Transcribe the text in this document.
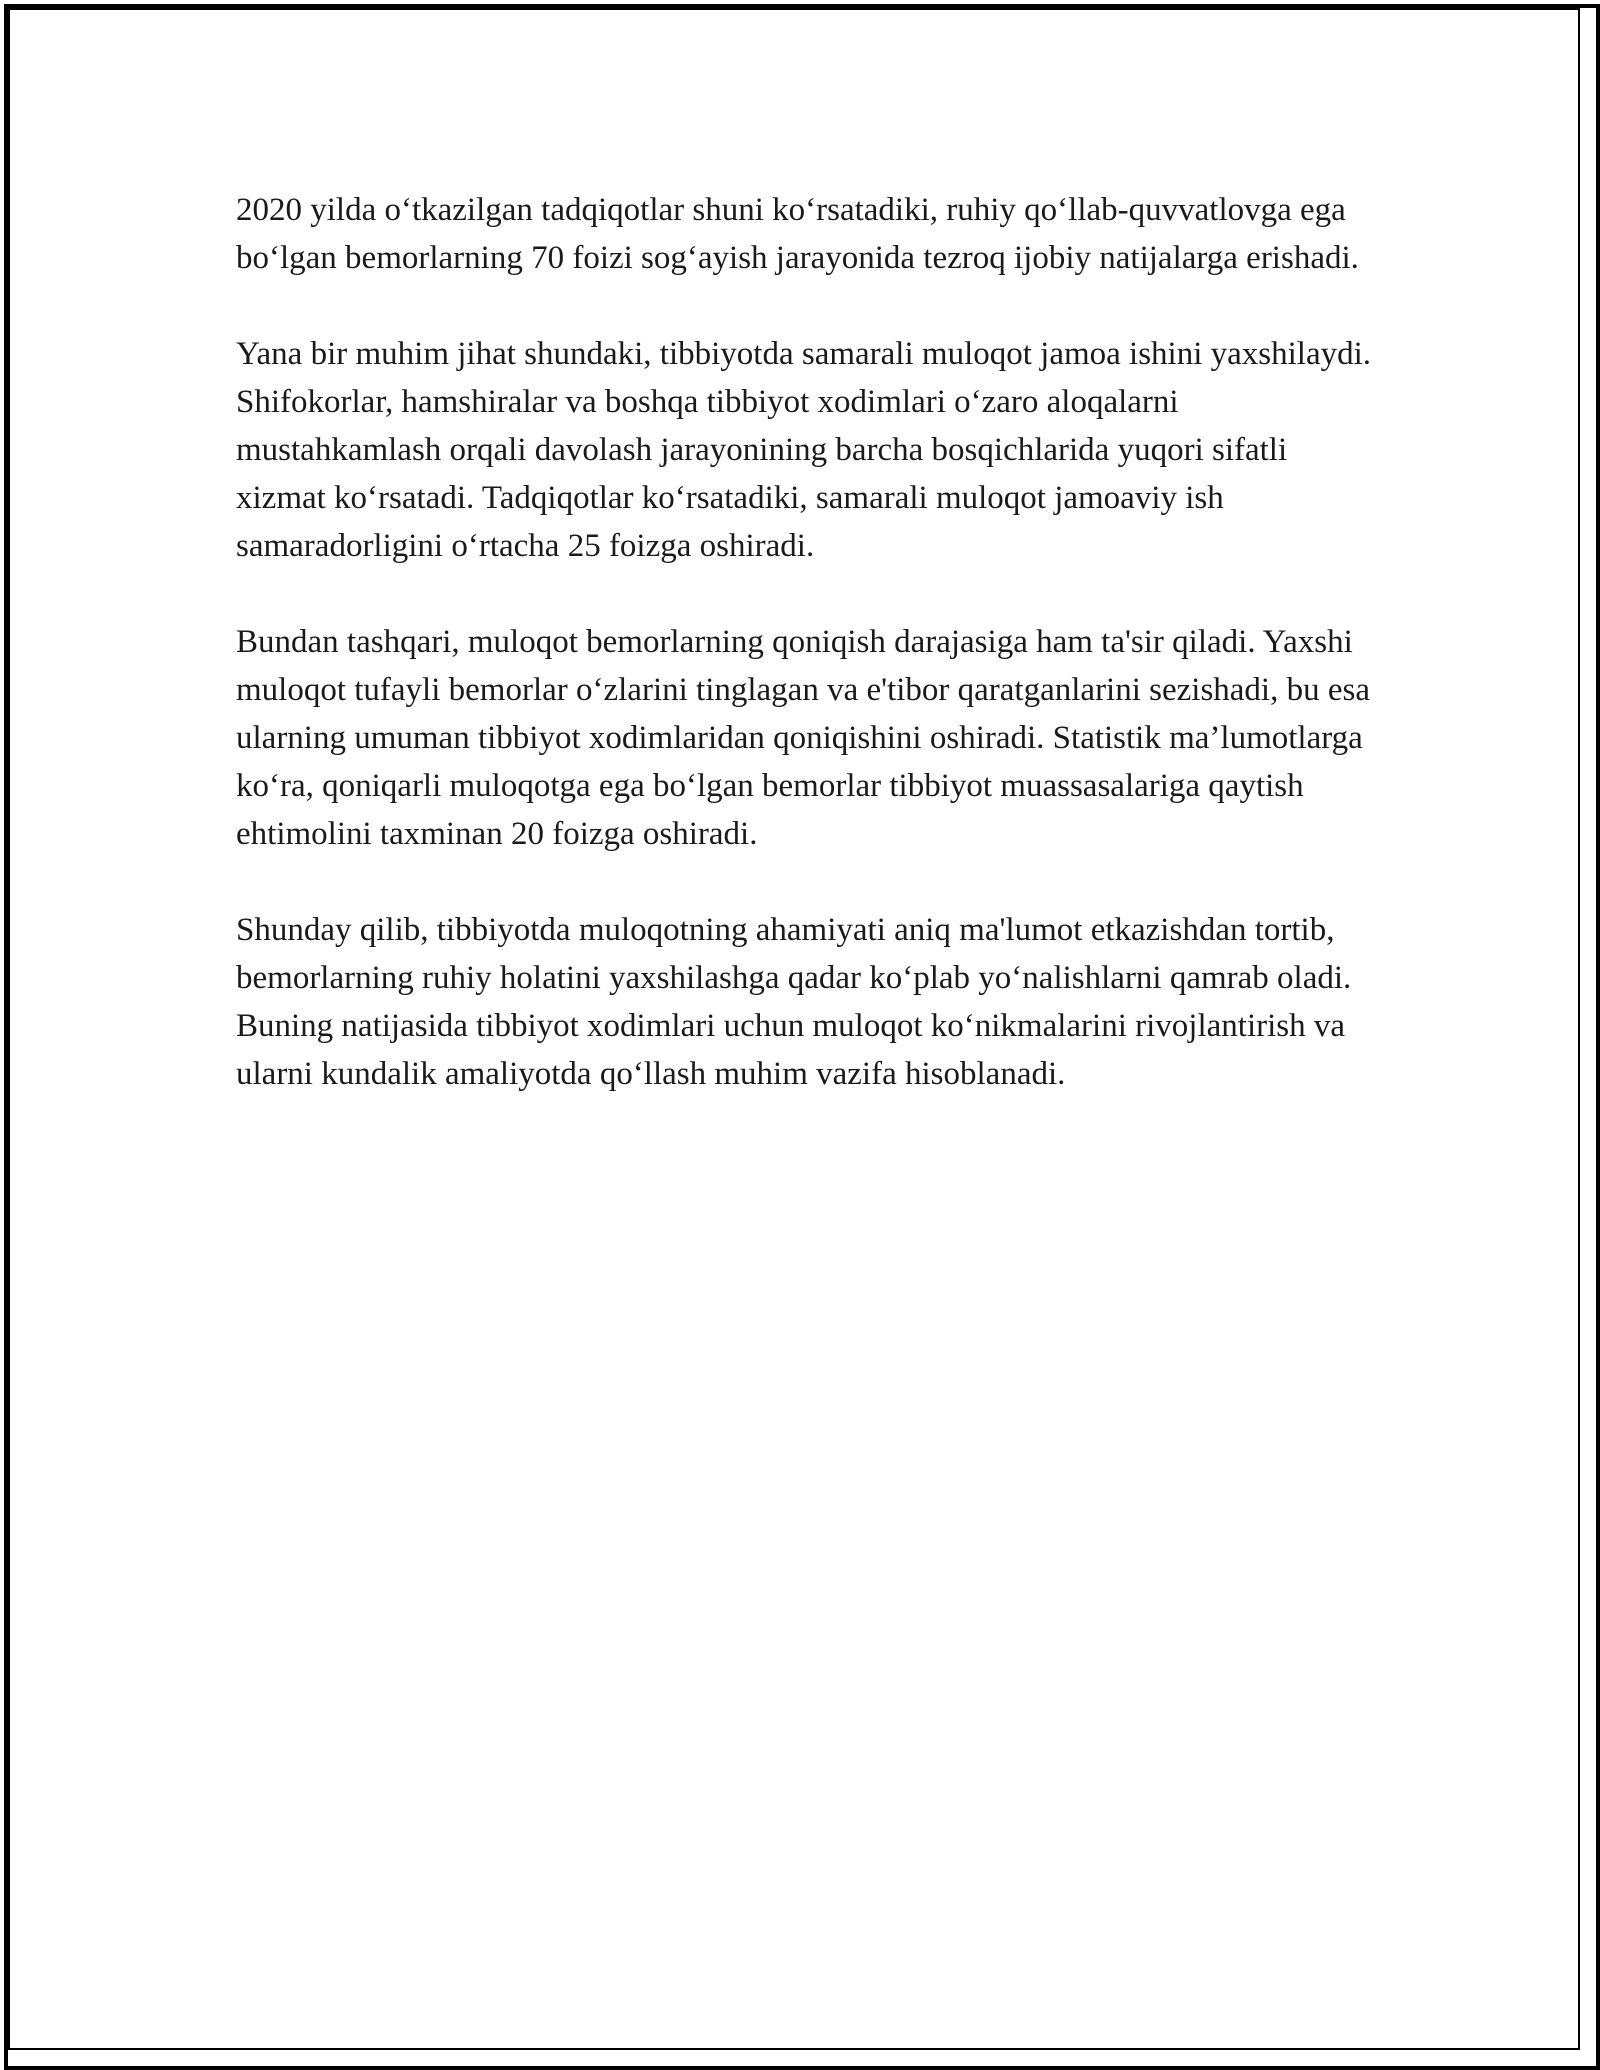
2020 yilda o‘tkazilgan tadqiqotlar shuni ko‘rsatadiki, ruhiy qo‘llab-quvvatlovga ega bo‘lgan bemorlarning 70 foizi sog‘ayish jarayonida tezroq ijobiy natijalarga erishadi.

Yana bir muhim jihat shundaki, tibbiyotda samarali muloqot jamoa ishini yaxshilaydi. Shifokorlar, hamshiralar va boshqa tibbiyot xodimlari o‘zaro aloqalarni mustahkamlash orqali davolash jarayonining barcha bosqichlarida yuqori sifatli xizmat ko‘rsatadi. Tadqiqotlar ko‘rsatadiki, samarali muloqot jamoaviy ish samaradorligini o‘rtacha 25 foizga oshiradi.

Bundan tashqari, muloqot bemorlarning qoniqish darajasiga ham ta'sir qiladi. Yaxshi muloqot tufayli bemorlar o‘zlarini tinglagan va e'tibor qaratganlarini sezishadi, bu esa ularning umuman tibbiyot xodimlaridan qoniqishini oshiradi. Statistik ma’lumotlarga ko‘ra, qoniqarli muloqotga ega bo‘lgan bemorlar tibbiyot muassasalariga qaytish ehtimolini taxminan 20 foizga oshiradi.

Shunday qilib, tibbiyotda muloqotning ahamiyati aniq ma'lumot etkazishdan tortib, bemorlarning ruhiy holatini yaxshilashga qadar ko‘plab yo‘nalishlarni qamrab oladi. Buning natijasida tibbiyot xodimlari uchun muloqot ko‘nikmalarini rivojlantirish va ularni kundalik amaliyotda qo‘llash muhim vazifa hisoblanadi.
